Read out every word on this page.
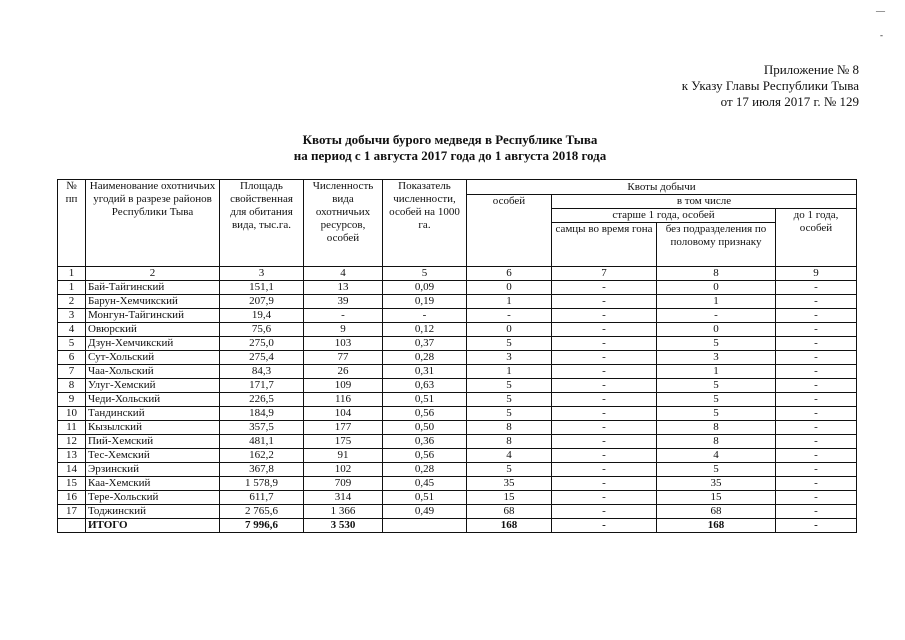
—
-
Приложение № 8
к Указу Главы Республики Тыва
от 17 июля 2017 г. № 129
Квоты добычи бурого медведя в Республике Тыва
на период с 1 августа 2017 года до 1 августа 2018 года
№ пп	Наименование охотничьих угодий в разрезе районов Республики Тыва	Площадь свойственная для обитания вида, тыс.га.	Численность вида охотничьих ресурсов, особей	Показатель численности, особей на 1000 га.	Квоты добычи			
					особей	в том числе		
						старше 1 года, особей		до 1 года, особей
						самцы во время гона	без подразделения по половому признаку	
1	2	3	4	5	6	7	8	9
1	Бай-Тайгинский	151,1	13	0,09	0	-	0	-
2	Барун-Хемчикский	207,9	39	0,19	1	-	1	-
3	Монгун-Тайгинский	19,4	-	-	-	-	-	-
4	Овюрский	75,6	9	0,12	0	-	0	-
5	Дзун-Хемчикский	275,0	103	0,37	5	-	5	-
6	Сут-Хольский	275,4	77	0,28	3	-	3	-
7	Чаа-Хольский	84,3	26	0,31	1	-	1	-
8	Улуг-Хемский	171,7	109	0,63	5	-	5	-
9	Чеди-Хольский	226,5	116	0,51	5	-	5	-
10	Тандинский	184,9	104	0,56	5	-	5	-
11	Кызылский	357,5	177	0,50	8	-	8	-
12	Пий-Хемский	481,1	175	0,36	8	-	8	-
13	Тес-Хемский	162,2	91	0,56	4	-	4	-
14	Эрзинский	367,8	102	0,28	5	-	5	-
15	Каа-Хемский	1 578,9	709	0,45	35	-	35	-
16	Тере-Хольский	611,7	314	0,51	15	-	15	-
17	Тоджинский	2 765,6	1 366	0,49	68	-	68	-
	ИТОГО	7 996,6	3 530		168	-	168	-
